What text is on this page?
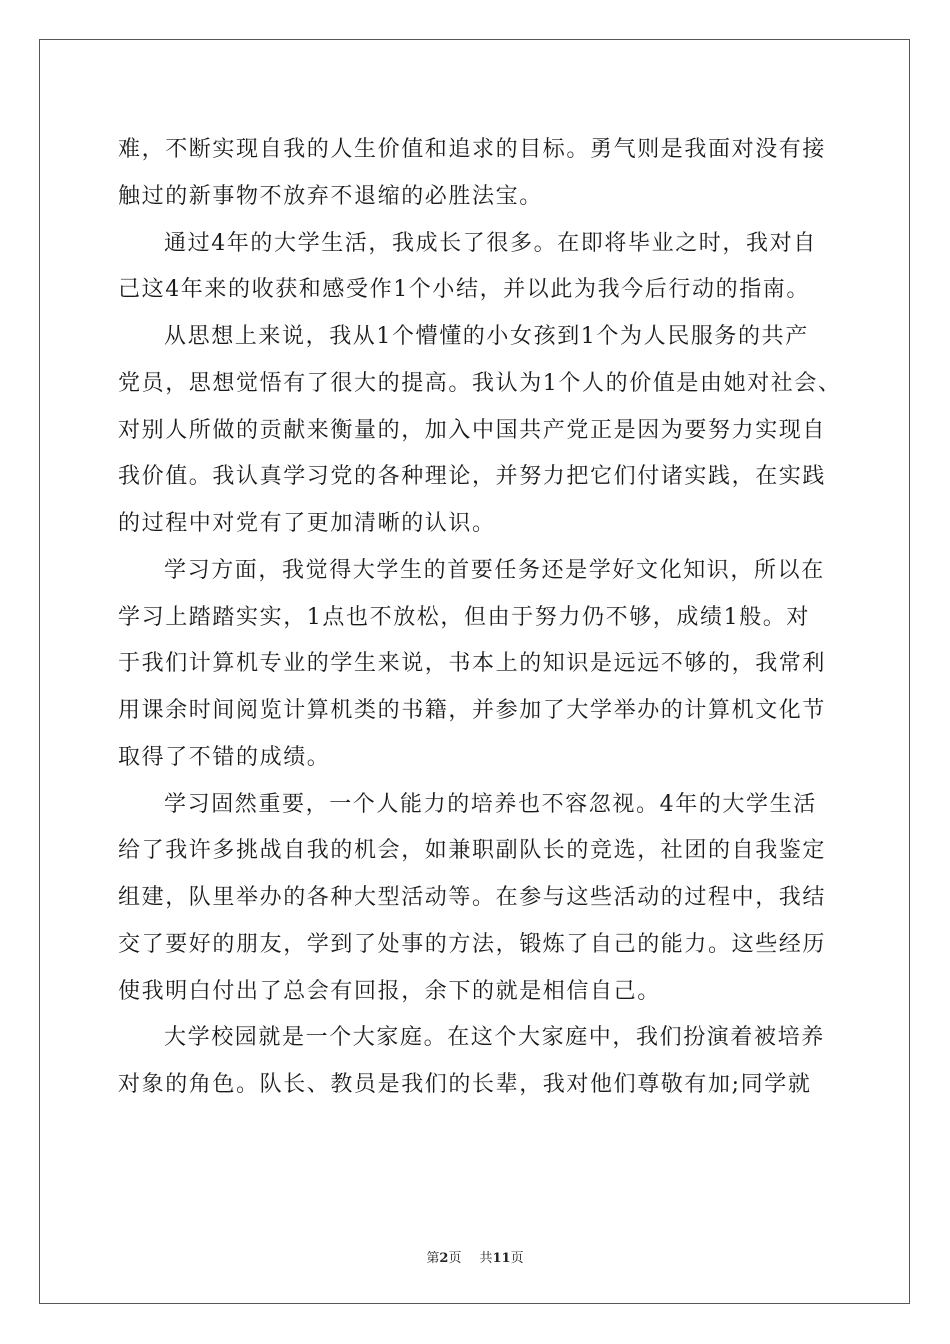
难，不断实现自我的人生价值和追求的目标。勇气则是我面对没有接
触过的新事物不放弃不退缩的必胜法宝。
通过4年的大学生活，我成长了很多。在即将毕业之时，我对自
己这4年来的收获和感受作1个小结，并以此为我今后行动的指南。
从思想上来说，我从1个懵懂的小女孩到1个为人民服务的共产
党员，思想觉悟有了很大的提高。我认为1个人的价值是由她对社会、
对别人所做的贡献来衡量的，加入中国共产党正是因为要努力实现自
我价值。我认真学习党的各种理论，并努力把它们付诸实践，在实践
的过程中对党有了更加清晰的认识。
学习方面，我觉得大学生的首要任务还是学好文化知识，所以在
学习上踏踏实实，1点也不放松，但由于努力仍不够，成绩1般。对
于我们计算机专业的学生来说，书本上的知识是远远不够的，我常利
用课余时间阅览计算机类的书籍，并参加了大学举办的计算机文化节
取得了不错的成绩。
学习固然重要，一个人能力的培养也不容忽视。4年的大学生活
给了我许多挑战自我的机会，如兼职副队长的竞选，社团的自我鉴定
组建，队里举办的各种大型活动等。在参与这些活动的过程中，我结
交了要好的朋友，学到了处事的方法，锻炼了自己的能力。这些经历
使我明白付出了总会有回报，余下的就是相信自己。
大学校园就是一个大家庭。在这个大家庭中，我们扮演着被培养
对象的角色。队长、教员是我们的长辈，我对他们尊敬有加;同学就
第2页 共11页
